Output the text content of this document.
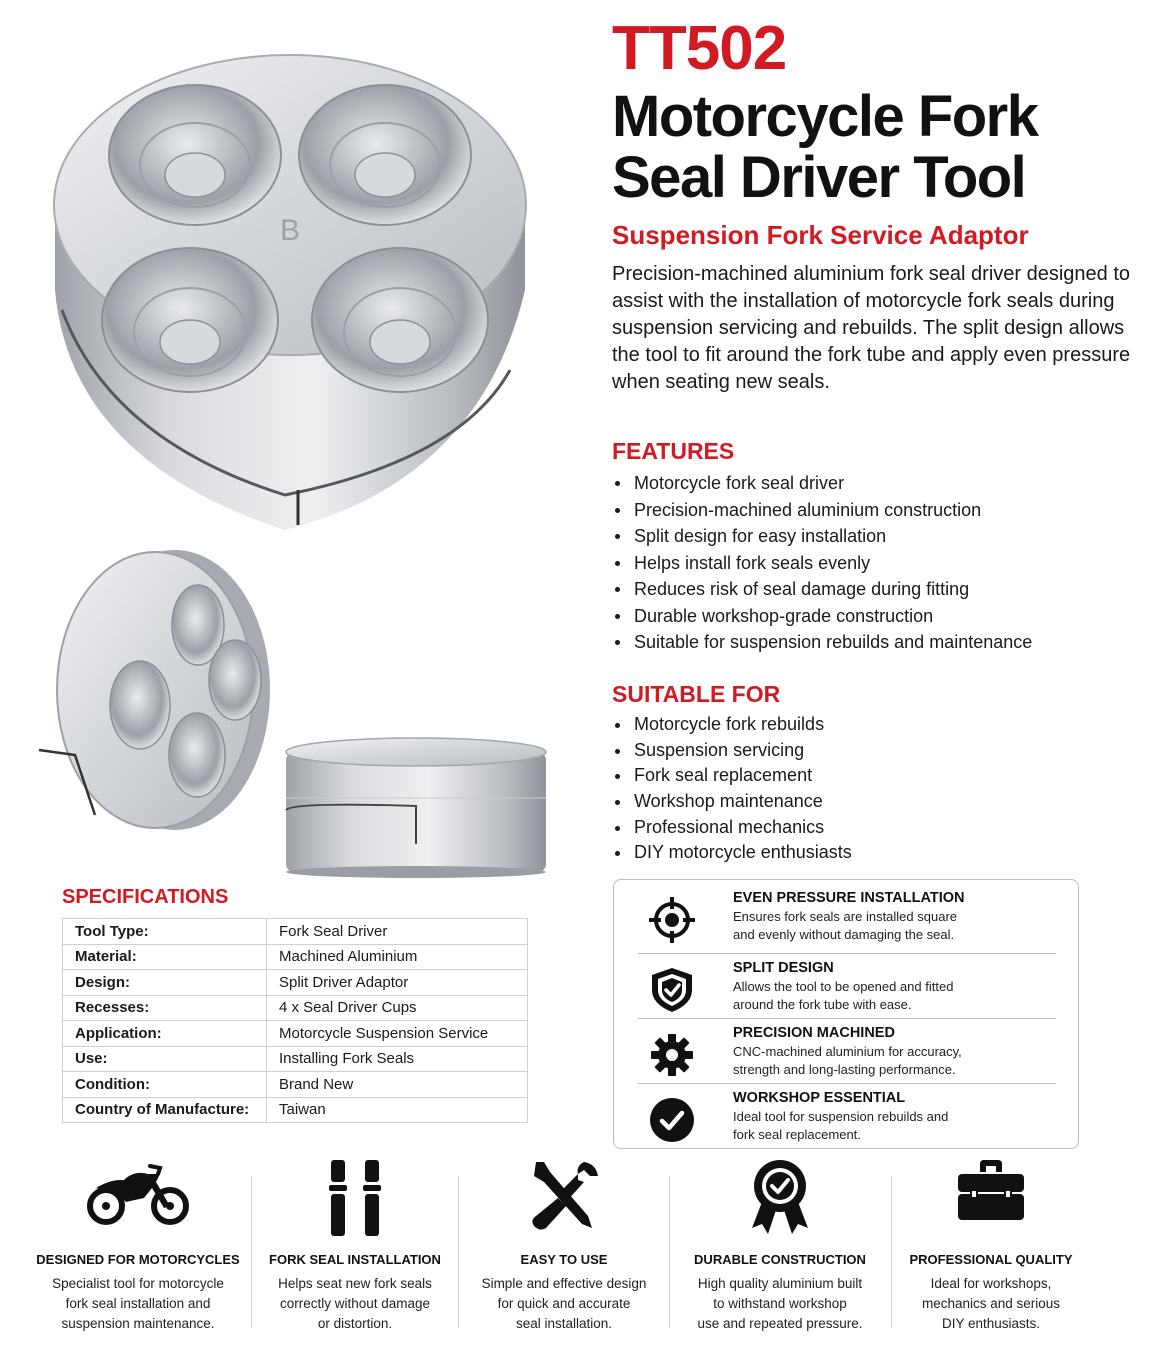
B
TT502
Motorcycle Fork
Seal Driver Tool
Suspension Fork Service Adaptor
Precision-machined aluminium fork seal driver designed to assist with the installation of motorcycle fork seals during suspension servicing and rebuilds. The split design allows the tool to fit around the fork tube and apply even pressure when seating new seals.
FEATURES
Motorcycle fork seal driver
Precision-machined aluminium construction
Split design for easy installation
Helps install fork seals evenly
Reduces risk of seal damage during fitting
Durable workshop-grade construction
Suitable for suspension rebuilds and maintenance
SUITABLE FOR
Motorcycle fork rebuilds
Suspension servicing
Fork seal replacement
Workshop maintenance
Professional mechanics
DIY motorcycle enthusiasts
SPECIFICATIONS
Tool Type:	Fork Seal Driver
Material:	Machined Aluminium
Design:	Split Driver Adaptor
Recesses:	4 x Seal Driver Cups
Application:	Motorcycle Suspension Service
Use:	Installing Fork Seals
Condition:	Brand New
Country of Manufacture:	Taiwan
EVEN PRESSURE INSTALLATION
Ensures fork seals are installed square
and evenly without damaging the seal.
SPLIT DESIGN
Allows the tool to be opened and fitted
around the fork tube with ease.
PRECISION MACHINED
CNC-machined aluminium for accuracy,
strength and long-lasting performance.
WORKSHOP ESSENTIAL
Ideal tool for suspension rebuilds and
fork seal replacement.
DESIGNED FOR MOTORCYCLES
Specialist tool for motorcycle
fork seal installation and
suspension maintenance.
FORK SEAL INSTALLATION
Helps seat new fork seals
correctly without damage
or distortion.
EASY TO USE
Simple and effective design
for quick and accurate
seal installation.
DURABLE CONSTRUCTION
High quality aluminium built
to withstand workshop
use and repeated pressure.
PROFESSIONAL QUALITY
Ideal for workshops,
mechanics and serious
DIY enthusiasts.
